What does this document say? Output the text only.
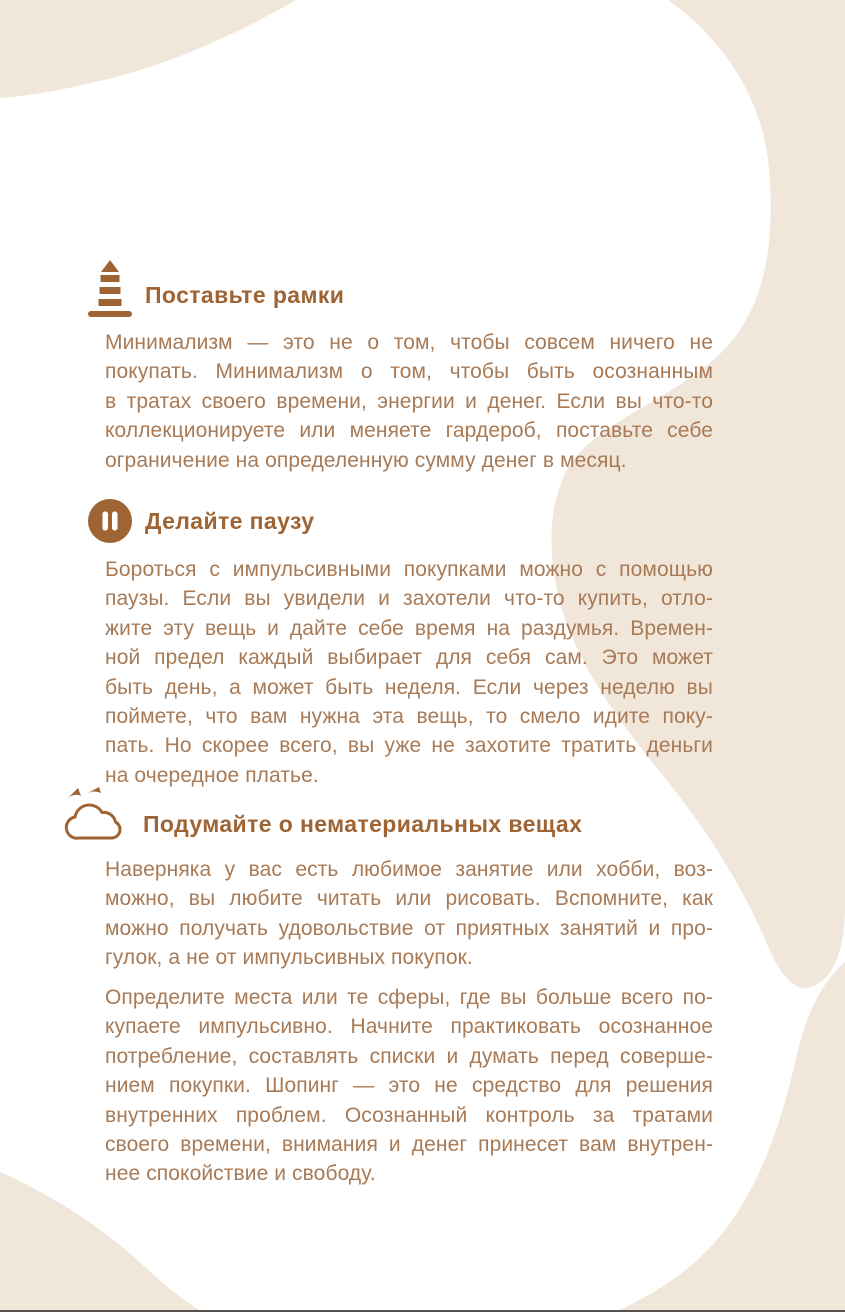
Поставьте рамки
Минимализм — это не о том, чтобы совсем ничего не
покупать. Минимализм о том, чтобы быть осознанным
в тратах своего времени, энергии и денег. Если вы что-то
коллекционируете или меняете гардероб, поставьте себе
ограничение на определенную сумму денег в месяц.
Делайте паузу
Бороться с импульсивными покупками можно с помощью
паузы. Если вы увидели и захотели что-то купить, отло-
жите эту вещь и дайте себе время на раздумья. Времен-
ной предел каждый выбирает для себя сам. Это может
быть день, а может быть неделя. Если через неделю вы
поймете, что вам нужна эта вещь, то смело идите поку-
пать. Но скорее всего, вы уже не захотите тратить деньги
на очередное платье.
Подумайте о нематериальных вещах
Наверняка у вас есть любимое занятие или хобби, воз-
можно, вы любите читать или рисовать. Вспомните, как
можно получать удовольствие от приятных занятий и про-
гулок, а не от импульсивных покупок.
Определите места или те сферы, где вы больше всего по-
купаете импульсивно. Начните практиковать осознанное
потребление, составлять списки и думать перед соверше-
нием покупки. Шопинг — это не средство для решения
внутренних проблем. Осознанный контроль за тратами
своего времени, внимания и денег принесет вам внутрен-
нее спокойствие и свободу.
